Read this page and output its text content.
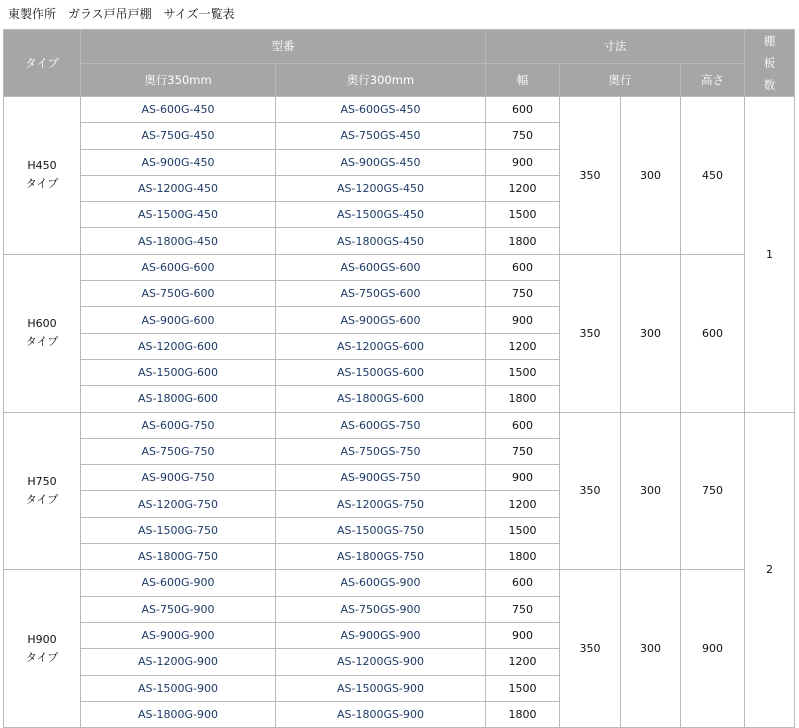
東製作所　ガラス戸吊戸棚　サイズ一覧表
タイプ	型番		寸法				棚
板
数
	奥行350mm	奥行300mm	幅	奥行		高さ	
H450
タイプ	AS-600G-450	AS-600GS-450	600	350	300	450	1
	AS-750G-450	AS-750GS-450	750				
	AS-900G-450	AS-900GS-450	900				
	AS-1200G-450	AS-1200GS-450	1200				
	AS-1500G-450	AS-1500GS-450	1500				
	AS-1800G-450	AS-1800GS-450	1800				
H600
タイプ	AS-600G-600	AS-600GS-600	600	350	300	600	
	AS-750G-600	AS-750GS-600	750				
	AS-900G-600	AS-900GS-600	900				
	AS-1200G-600	AS-1200GS-600	1200				
	AS-1500G-600	AS-1500GS-600	1500				
	AS-1800G-600	AS-1800GS-600	1800				
H750
タイプ	AS-600G-750	AS-600GS-750	600	350	300	750	2
	AS-750G-750	AS-750GS-750	750				
	AS-900G-750	AS-900GS-750	900				
	AS-1200G-750	AS-1200GS-750	1200				
	AS-1500G-750	AS-1500GS-750	1500				
	AS-1800G-750	AS-1800GS-750	1800				
H900
タイプ	AS-600G-900	AS-600GS-900	600	350	300	900	
	AS-750G-900	AS-750GS-900	750				
	AS-900G-900	AS-900GS-900	900				
	AS-1200G-900	AS-1200GS-900	1200				
	AS-1500G-900	AS-1500GS-900	1500				
	AS-1800G-900	AS-1800GS-900	1800				
